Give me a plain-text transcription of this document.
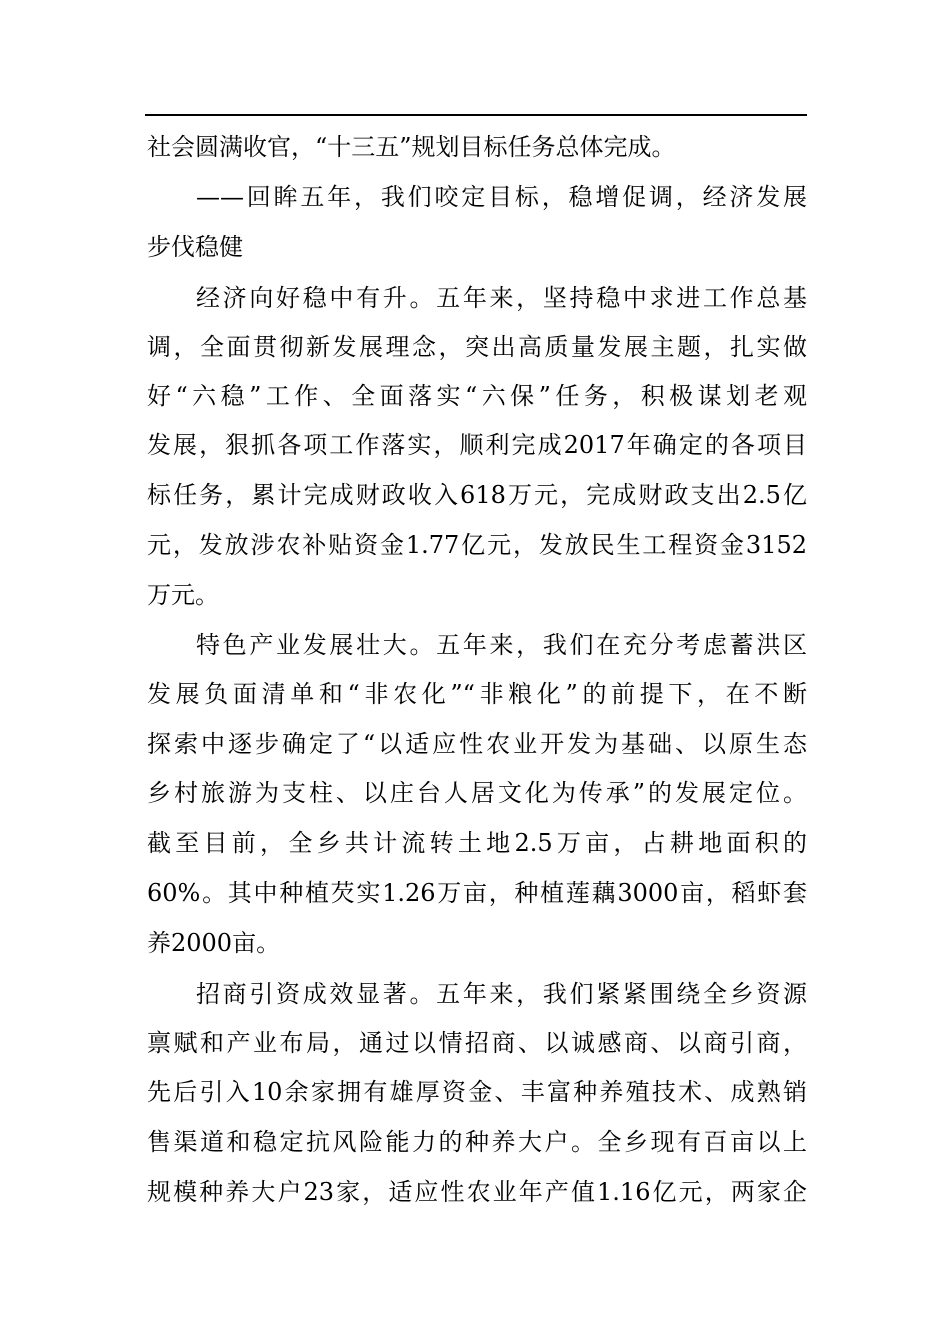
社会圆满收官，“十三五”规划目标任务总体完成。
——回眸五年，我们咬定目标，稳增促调，经济发展
步伐稳健
经济向好稳中有升。五年来，坚持稳中求进工作总基
调，全面贯彻新发展理念，突出高质量发展主题，扎实做
好“六稳”工作、全面落实“六保”任务，积极谋划老观
发展，狠抓各项工作落实，顺利完成2017年确定的各项目
标任务，累计完成财政收入618万元，完成财政支出2.5亿
元，发放涉农补贴资金1.77亿元，发放民生工程资金3152
万元。
特色产业发展壮大。五年来，我们在充分考虑蓄洪区
发展负面清单和“非农化”“非粮化”的前提下，在不断
探索中逐步确定了“以适应性农业开发为基础、以原生态
乡村旅游为支柱、以庄台人居文化为传承”的发展定位。
截至目前，全乡共计流转土地2.5万亩，占耕地面积的
60%。其中种植芡实1.26万亩，种植莲藕3000亩，稻虾套
养2000亩。
招商引资成效显著。五年来，我们紧紧围绕全乡资源
禀赋和产业布局，通过以情招商、以诚感商、以商引商，
先后引入10余家拥有雄厚资金、丰富种养殖技术、成熟销
售渠道和稳定抗风险能力的种养大户。全乡现有百亩以上
规模种养大户23家，适应性农业年产值1.16亿元，两家企
